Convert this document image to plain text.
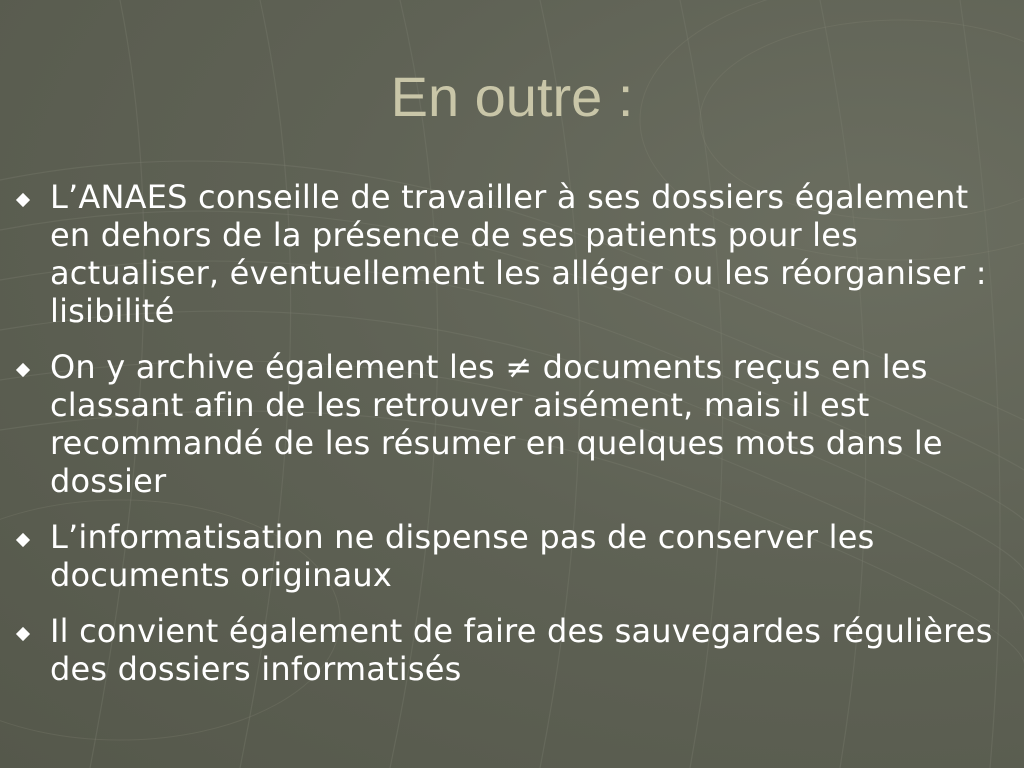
En outre :
L’ANAES conseille de travailler à ses dossiers également en dehors de la présence de ses patients pour les actualiser, éventuellement les alléger ou les réorganiser : lisibilité
On y archive également les ≠ documents reçus en les classant afin de les retrouver aisément, mais il est recommandé de les résumer en quelques mots dans le dossier
L’informatisation ne dispense pas de conserver les documents originaux
Il convient également de faire des sauvegardes régulières des dossiers informatisés
